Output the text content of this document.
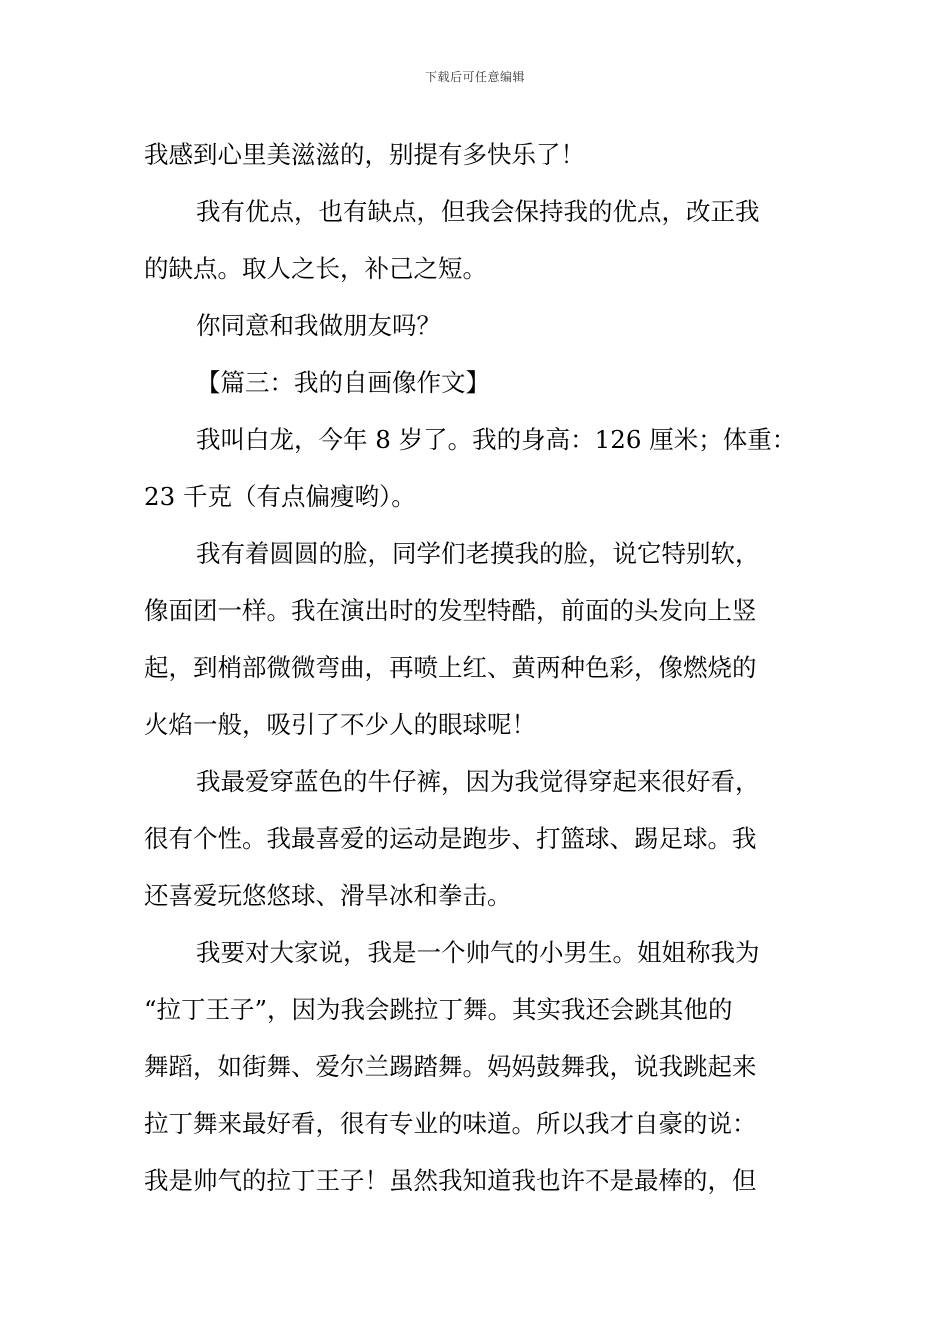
下载后可任意编辑
我感到心里美滋滋的，别提有多快乐了！
我有优点，也有缺点，但我会保持我的优点，改正我
的缺点。取人之长，补己之短。
你同意和我做朋友吗？
【篇三：我的自画像作文】
我叫白龙，今年 8 岁了。我的身高：126 厘米；体重：
23 千克（有点偏瘦哟）。
我有着圆圆的脸，同学们老摸我的脸，说它特别软，
像面团一样。我在演出时的发型特酷，前面的头发向上竖
起，到梢部微微弯曲，再喷上红、黄两种色彩，像燃烧的
火焰一般，吸引了不少人的眼球呢！
我最爱穿蓝色的牛仔裤，因为我觉得穿起来很好看，
很有个性。我最喜爱的运动是跑步、打篮球、踢足球。我
还喜爱玩悠悠球、滑旱冰和拳击。
我要对大家说，我是一个帅气的小男生。姐姐称我为
“拉丁王子”，因为我会跳拉丁舞。其实我还会跳其他的
舞蹈，如街舞、爱尔兰踢踏舞。妈妈鼓舞我，说我跳起来
拉丁舞来最好看，很有专业的味道。所以我才自豪的说：
我是帅气的拉丁王子！虽然我知道我也许不是最棒的，但
